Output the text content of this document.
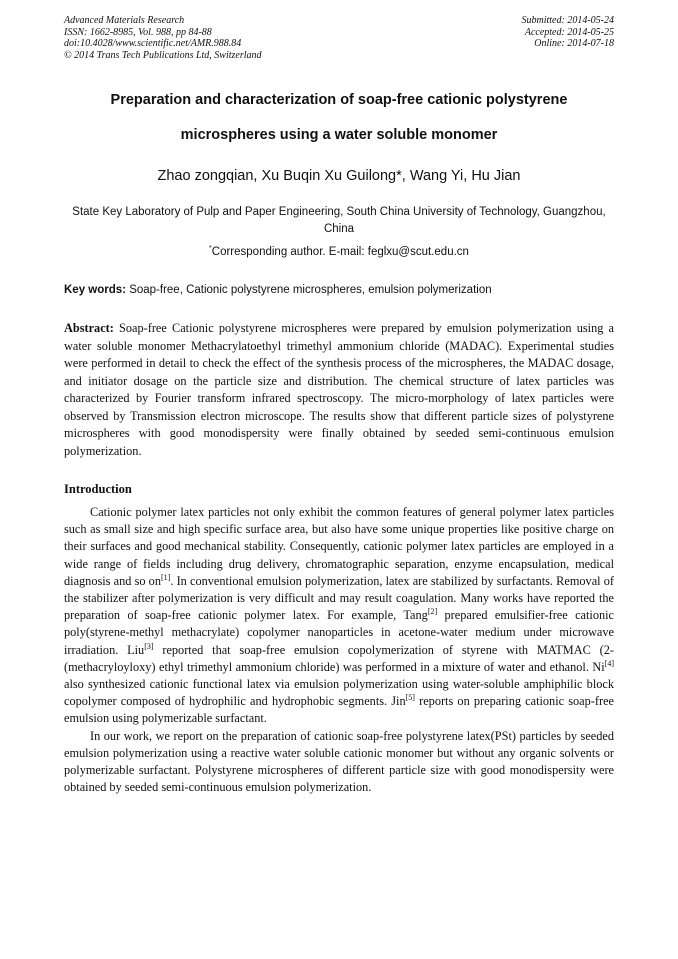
Advanced Materials Research
ISSN: 1662-8985, Vol. 988, pp 84-88
doi:10.4028/www.scientific.net/AMR.988.84
© 2014 Trans Tech Publications Ltd, Switzerland
Submitted: 2014-05-24
Accepted: 2014-05-25
Online: 2014-07-18
Preparation and characterization of soap-free cationic polystyrene
microspheres using a water soluble monomer
Zhao zongqian, Xu Buqin Xu Guilong*, Wang Yi, Hu Jian
State Key Laboratory of Pulp and Paper Engineering, South China University of Technology, Guangzhou, China
*Corresponding author. E-mail: feglxu@scut.edu.cn
Key words: Soap-free, Cationic polystyrene microspheres, emulsion polymerization
Abstract: Soap-free Cationic polystyrene microspheres were prepared by emulsion polymerization using a water soluble monomer Methacrylatoethyl trimethyl ammonium chloride (MADAC). Experimental studies were performed in detail to check the effect of the synthesis process of the microspheres, the MADAC dosage, and initiator dosage on the particle size and distribution. The chemical structure of latex particles was characterized by Fourier transform infrared spectroscopy. The micro-morphology of latex particles were observed by Transmission electron microscope. The results show that different particle sizes of polystyrene microspheres with good monodispersity were finally obtained by seeded semi-continuous emulsion polymerization.
Introduction

Cationic polymer latex particles not only exhibit the common features of general polymer latex particles such as small size and high specific surface area, but also have some unique properties like positive charge on their surfaces and good mechanical stability. Consequently, cationic polymer latex particles are employed in a wide range of fields including drug delivery, chromatographic separation, enzyme encapsulation, medical diagnosis and so on[1]. In conventional emulsion polymerization, latex are stabilized by surfactants. Removal of the stabilizer after polymerization is very difficult and may result coagulation. Many works have reported the preparation of soap-free cationic polymer latex. For example, Tang[2] prepared emulsifier-free cationic poly(styrene-methyl methacrylate) copolymer nanoparticles in acetone-water medium under microwave irradiation. Liu[3] reported that soap-free emulsion copolymerization of styrene with MATMAC (2-(methacryloyloxy) ethyl trimethyl ammonium chloride) was performed in a mixture of water and ethanol. Ni[4] also synthesized cationic functional latex via emulsion polymerization using water-soluble amphiphilic block copolymer composed of hydrophilic and hydrophobic segments. Jin[5] reports on preparing cationic soap-free emulsion using polymerizable surfactant.

In our work, we report on the preparation of cationic soap-free polystyrene latex(PSt) particles by seeded emulsion polymerization using a reactive water soluble cationic monomer but without any organic solvents or polymerizable surfactant. Polystyrene microspheres of different particle size with good monodispersity were obtained by seeded semi-continuous emulsion polymerization.
